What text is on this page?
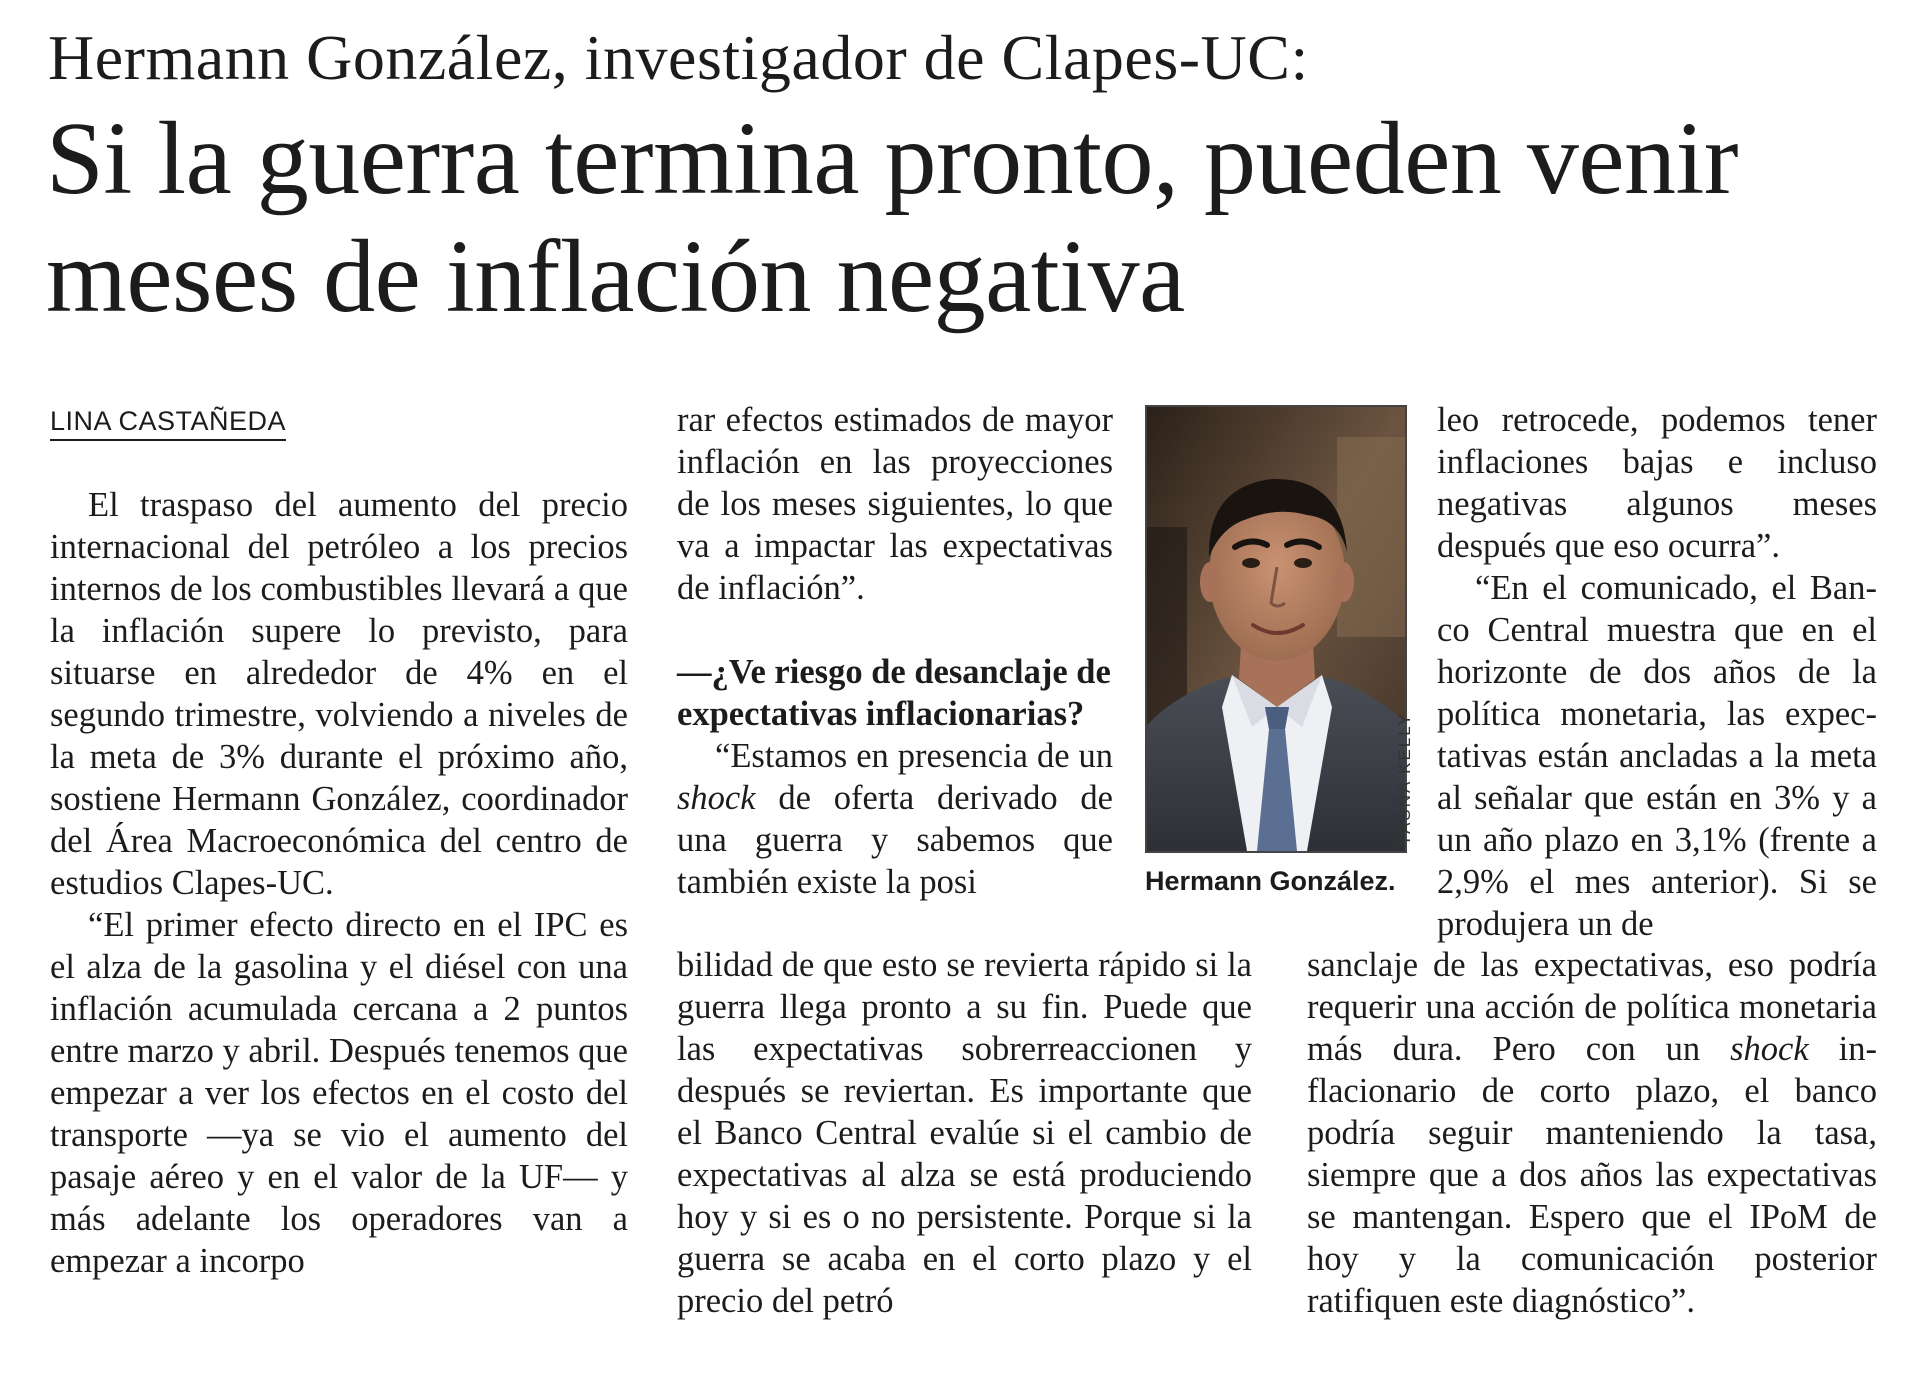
Hermann González, investigador de Clapes-UC:
Si la guerra termina pronto, pueden venir meses de inflación negativa
LINA CASTAÑEDA

El traspaso del aumento del precio internacional del petróleo a los precios internos de los combustibles llevará a que la inflación supere lo previsto, para situarse en alrededor de 4% en el segundo trimestre, volviendo a niveles de la meta de 3% durante el próximo año, sostiene Hermann González, coordinador del Área Macroeconómica del centro de estudios Clapes-UC.

“El primer efecto directo en el IPC es el alza de la gasolina y el diésel con una inflación acumulada cercana a 2 puntos entre marzo y abril. Después tenemos que empezar a ver los efectos en el costo del transporte —ya se vio el aumento del pasaje aéreo y en el valor de la UF— y más adelante los operadores van a empezar a incorpo

rar efectos estimados de mayor inflación en las proyecciones de los meses siguientes, lo que va a impactar las expectativas de inflación”.

—¿Ve riesgo de desanclaje de expectativas inflacionarias?

“Estamos en presencia de un shock de oferta derivado de una guerra y sabemos que también existe la posi

bilidad de que esto se revierta rápido si la guerra llega pronto a su fin. Puede que las expectativas sobrerreaccionen y después se reviertan. Es importante que el Banco Central evalúe si el cambio de expectativas al alza se está produciendo hoy y si es o no persistente. Porque si la guerra se acaba en el corto plazo y el precio del petró

YASNA KELLY
Hermann González.

leo retrocede, podemos tener inflaciones bajas e incluso negativas algunos meses después que eso ocurra”.

“En el comunicado, el Banco Central muestra que en el horizonte de dos años de la política monetaria, las expectativas están ancladas a la meta al señalar que están en 3% y a un año plazo en 3,1% (frente a 2,9% el mes anterior). Si se produjera un de

sanclaje de las expectativas, eso podría requerir una acción de política monetaria más dura. Pero con un shock inflacionario de corto plazo, el banco podría seguir manteniendo la tasa, siempre que a dos años las expectativas se mantengan. Espero que el IPoM de hoy y la comunicación posterior ratifiquen este diagnóstico”.
